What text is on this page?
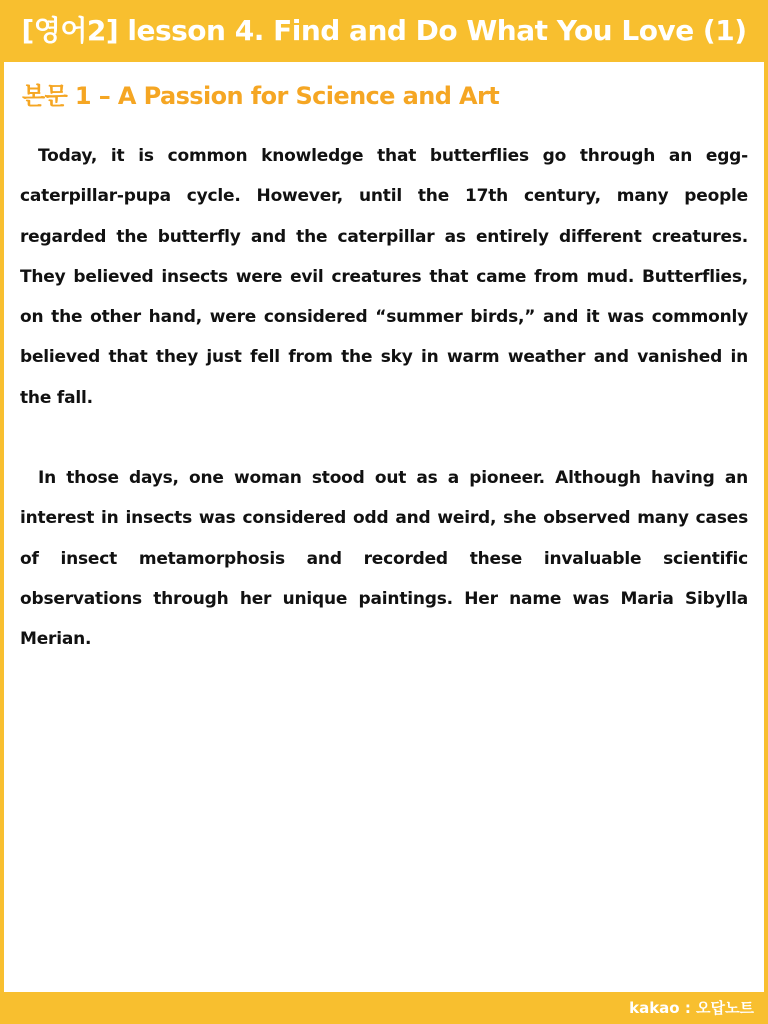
[영어2] lesson 4. Find and Do What You Love (1)
본문 1 – A Passion for Science and Art

Today, it is common knowledge that butterflies go through an egg-caterpillar-pupa cycle. However, until the 17th century, many people regarded the butterfly and the caterpillar as entirely different creatures. They believed insects were evil creatures that came from mud. Butterflies, on the other hand, were considered “summer birds,” and it was commonly believed that they just fell from the sky in warm weather and vanished in the fall.

In those days, one woman stood out as a pioneer. Although having an interest in insects was considered odd and weird, she observed many cases of insect metamorphosis and recorded these invaluable scientific observations through her unique paintings. Her name was Maria Sibylla Merian.

kakao : 오답노트
